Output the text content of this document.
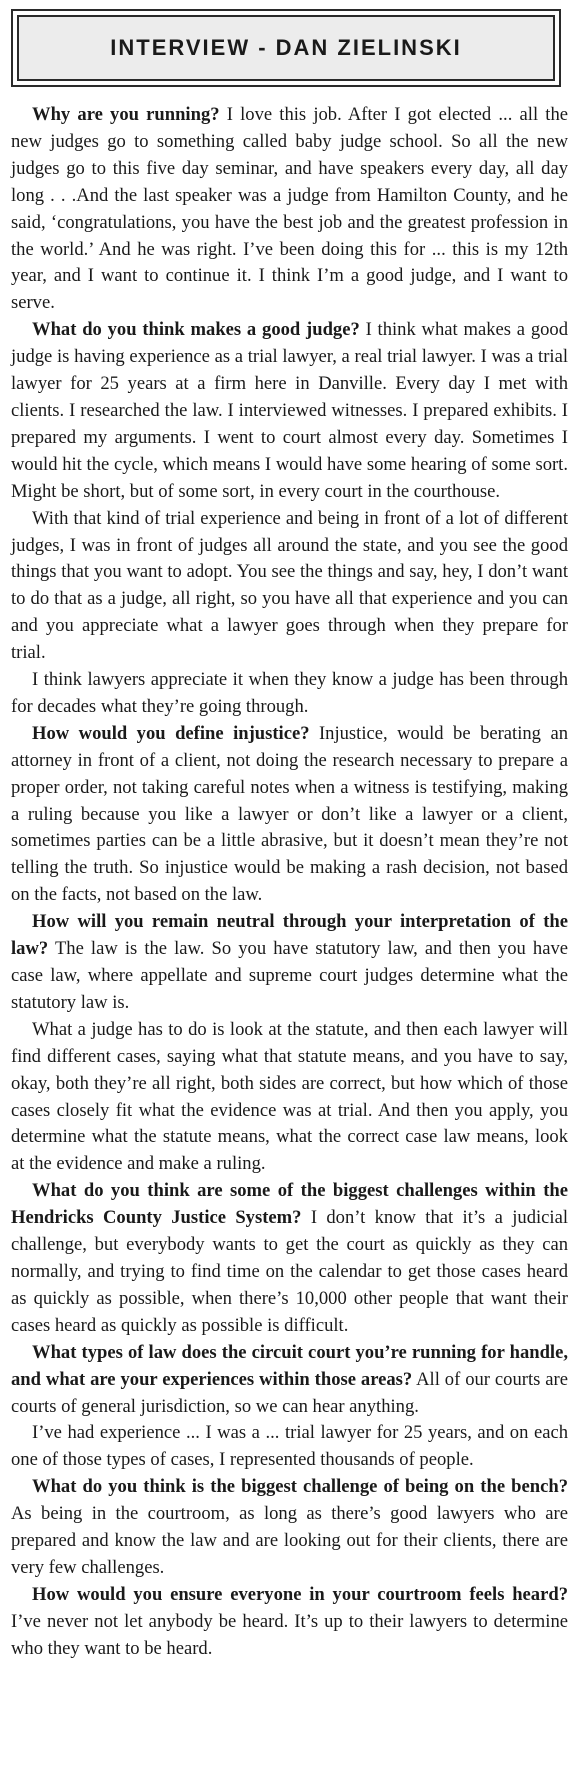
INTERVIEW - DAN ZIELINSKI

Why are you running? I love this job. After I got elected ... all the new judges go to something called baby judge school. So all the new judges go to this five day seminar, and have speakers every day, all day long . . .And the last speaker was a judge from Hamilton County, and he said, ‘congratulations, you have the best job and the greatest profession in the world.’ And he was right. I’ve been doing this for ... this is my 12th year, and I want to continue it. I think I’m a good judge, and I want to serve.

What do you think makes a good judge? I think what makes a good judge is having experience as a trial lawyer, a real trial lawyer. I was a trial lawyer for 25 years at a firm here in Danville. Every day I met with clients. I researched the law. I interviewed witnesses. I prepared exhibits. I prepared my arguments. I went to court almost every day. Sometimes I would hit the cycle, which means I would have some hearing of some sort. Might be short, but of some sort, in every court in the courthouse.

With that kind of trial experience and being in front of a lot of different judges, I was in front of judges all around the state, and you see the good things that you want to adopt. You see the things and say, hey, I don’t want to do that as a judge, all right, so you have all that experience and you can and you appreciate what a lawyer goes through when they prepare for trial.

I think lawyers appreciate it when they know a judge has been through for decades what they’re going through.

How would you define injustice? Injustice, would be berating an attorney in front of a client, not doing the research necessary to prepare a proper order, not taking careful notes when a witness is testifying, making a ruling because you like a lawyer or don’t like a lawyer or a client, sometimes parties can be a little abrasive, but it doesn’t mean they’re not telling the truth. So injustice would be making a rash decision, not based on the facts, not based on the law.

How will you remain neutral through your interpretation of the law? The law is the law. So you have statutory law, and then you have case law, where appellate and supreme court judges determine what the statutory law is.

What a judge has to do is look at the statute, and then each lawyer will find different cases, saying what that statute means, and you have to say, okay, both they’re all right, both sides are correct, but how which of those cases closely fit what the evidence was at trial. And then you apply, you determine what the statute means, what the correct case law means, look at the evidence and make a ruling.

What do you think are some of the biggest challenges within the Hendricks County Justice System? I don’t know that it’s a judicial challenge, but everybody wants to get the court as quickly as they can normally, and trying to find time on the calendar to get those cases heard as quickly as possible, when there’s 10,000 other people that want their cases heard as quickly as possible is difficult.

What types of law does the circuit court you’re running for handle, and what are your experiences within those areas? All of our courts are courts of general jurisdiction, so we can hear anything.

I’ve had experience ... I was a ... trial lawyer for 25 years, and on each one of those types of cases, I represented thousands of people.

What do you think is the biggest challenge of being on the bench? As being in the courtroom, as long as there’s good lawyers who are prepared and know the law and are looking out for their clients, there are very few challenges.

How would you ensure everyone in your courtroom feels heard? I’ve never not let anybody be heard. It’s up to their lawyers to determine who they want to be heard.
